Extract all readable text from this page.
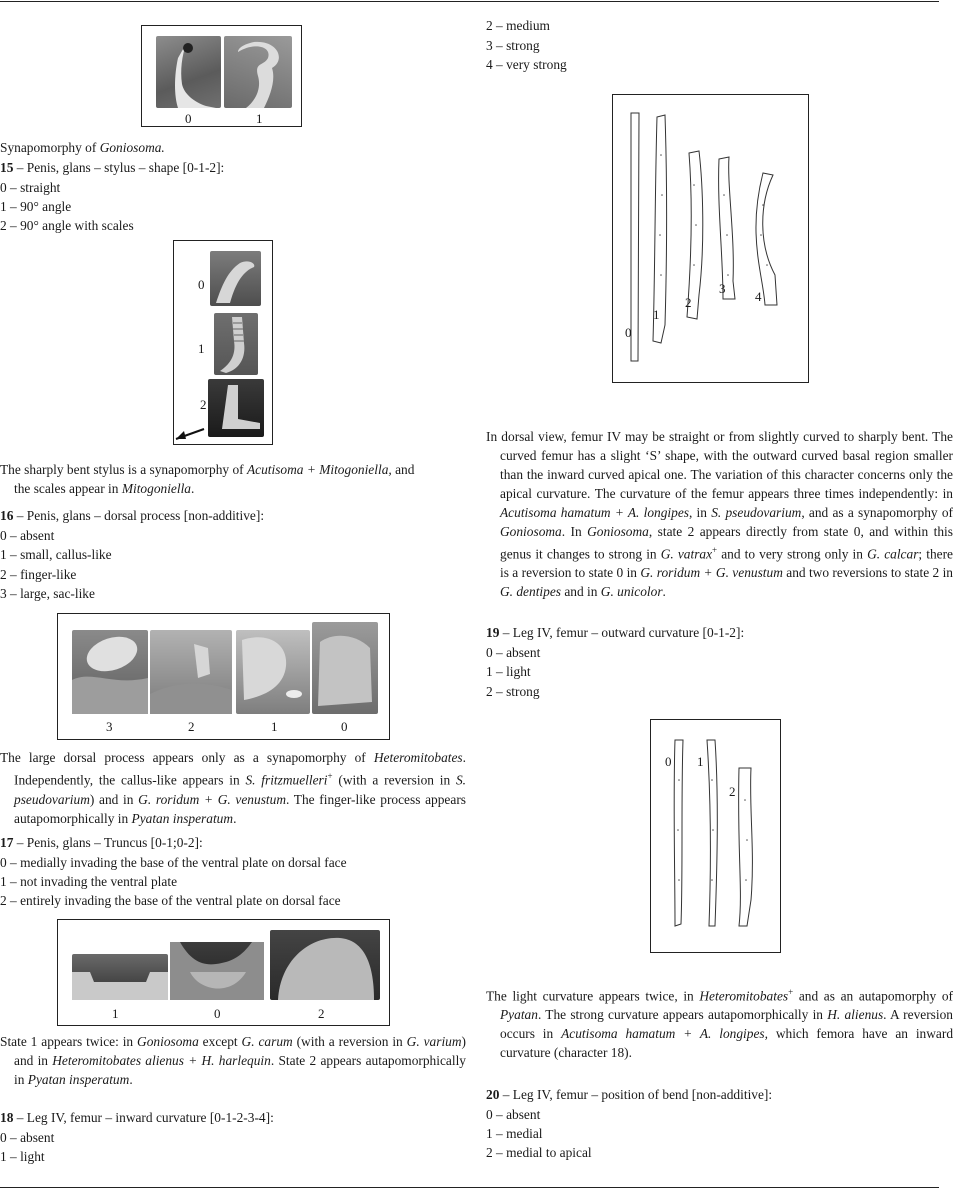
0	1
Synapomorphy of Goniosoma.
15 – Penis, glans – stylus – shape [0-1-2]:
0 – straight
1 – 90° angle
2 – 90° angle with scales
0
1
2

The sharply bent stylus is a synapomorphy of Acutisoma + Mitogoniella, and

the scales appear in Mitogoniella.

16 – Penis, glans – dorsal process [non-additive]:
0 – absent
1 – small, callus-like
2 – finger-like
3 – large, sac-like
3	2	1	0
The large dorsal process appears only as a synapomorphy of Heteromitobates. Independently, the callus-like appears in S. fritzmuelleri+ (with a reversion in S. pseudovarium) and in G. roridum + G. venustum. The finger-like process appears autapomorphically in Pyatan insperatum.
17 – Penis, glans – Truncus [0-1;0-2]:
0 – medially invading the base of the ventral plate on dorsal face
1 – not invading the ventral plate
2 – entirely invading the base of the ventral plate on dorsal face
1	0	2
State 1 appears twice: in Goniosoma except G. carum (with a reversion in G. varium) and in Heteromitobates alienus + H. harlequin. State 2 appears autapomorphically in Pyatan insperatum.
18 – Leg IV, femur – inward curvature [0-1-2-3-4]:
0 – absent
1 – light
2 – medium
3 – strong
4 – very strong
0
1
2
3
4
In dorsal view, femur IV may be straight or from slightly curved to sharply bent. The curved femur has a slight ‘S’ shape, with the outward curved basal region smaller than the inward curved apical one. The variation of this character concerns only the apical curvature. The curvature of the femur appears three times independently: in Acutisoma hamatum + A. longipes, in S. pseudovarium, and as a synapomorphy of Goniosoma. In Goniosoma, state 2 appears directly from state 0, and within this genus it changes to strong in G. vatrax+ and to very strong only in G. calcar; there is a reversion to state 0 in G. roridum + G. venustum and two reversions to state 2 in G. dentipes and in G. unicolor.
19 – Leg IV, femur – outward curvature [0-1-2]:
0 – absent
1 – light
2 – strong
0 1
2
The light curvature appears twice, in Heteromitobates+ and as an autapomorphy of Pyatan. The strong curvature appears autapomorphically in H. alienus. A reversion occurs in Acutisoma hamatum + A. longipes, which femora have an inward curvature (character 18).
20 – Leg IV, femur – position of bend [non-additive]:
0 – absent
1 – medial
2 – medial to apical
